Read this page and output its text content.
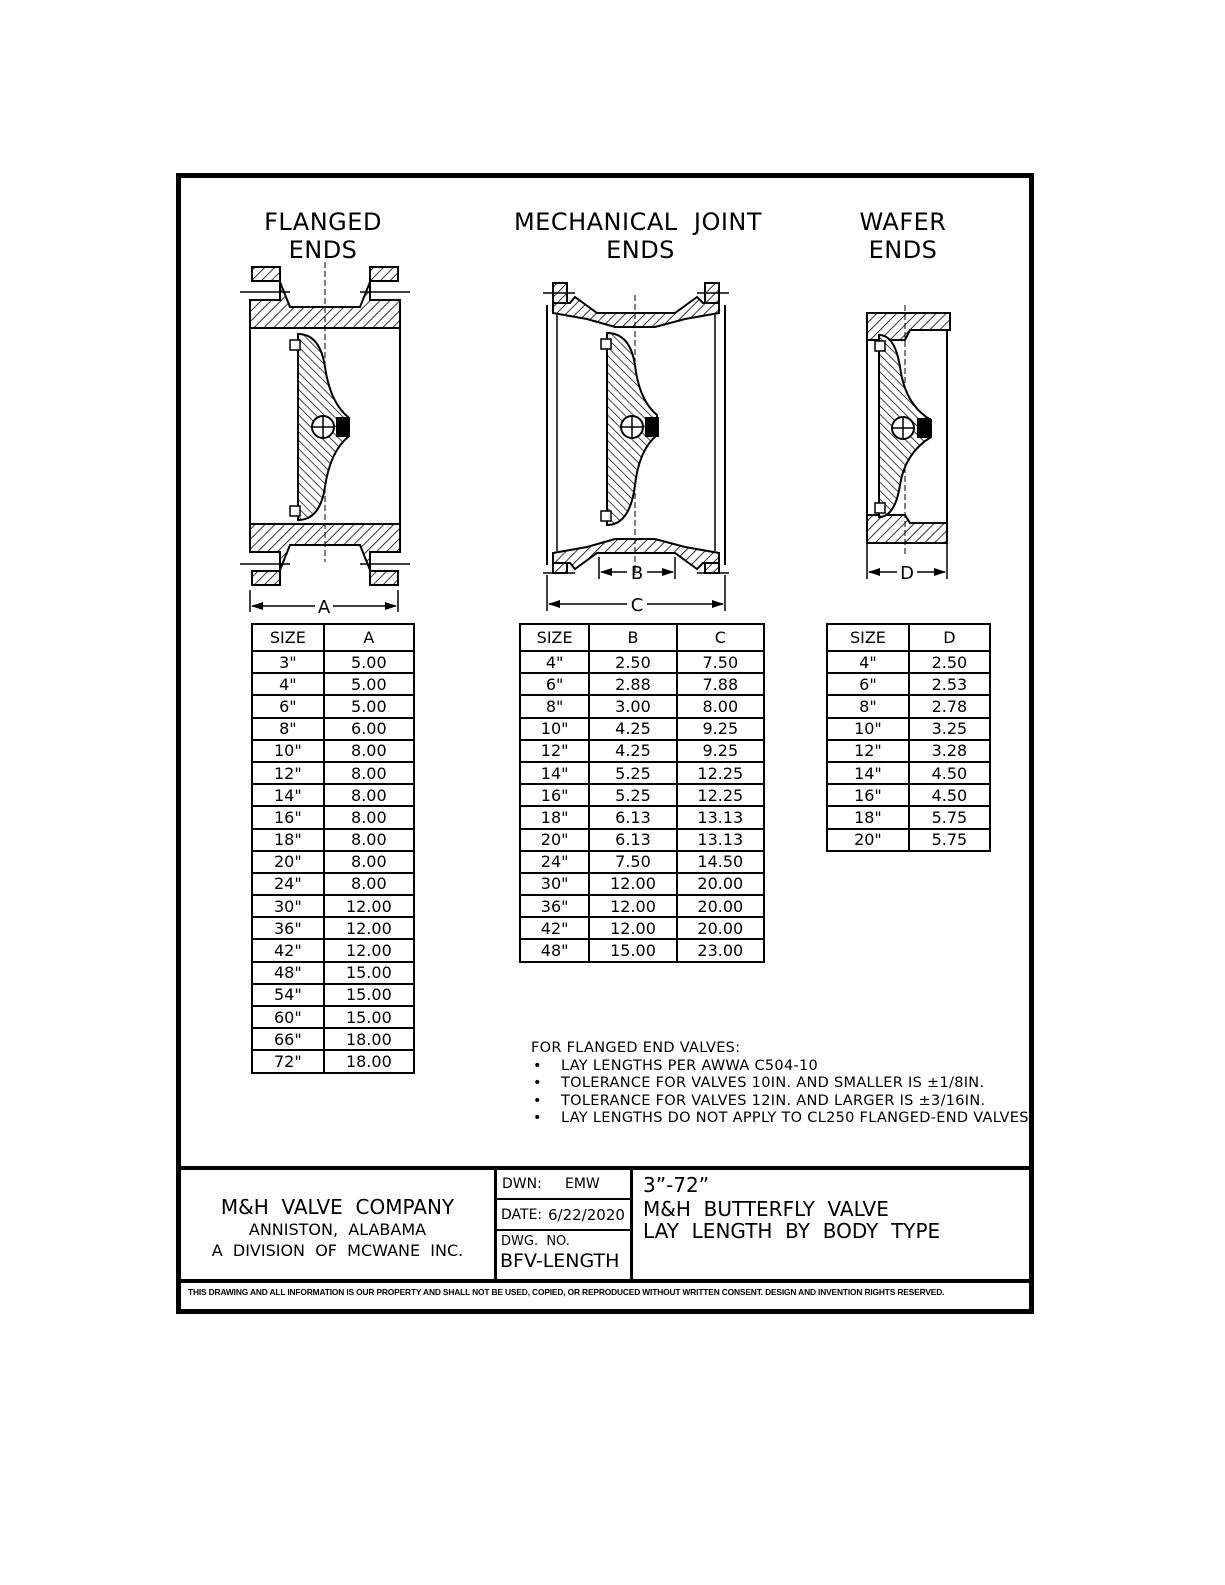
FLANGED
ENDS
MECHANICAL  JOINT
ENDS
WAFER
ENDS
A
B
C
D
SIZE	A
3"	5.00
4"	5.00
6"	5.00
8"	6.00
10"	8.00
12"	8.00
14"	8.00
16"	8.00
18"	8.00
20"	8.00
24"	8.00
30"	12.00
36"	12.00
42"	12.00
48"	15.00
54"	15.00
60"	15.00
66"	18.00
72"	18.00
SIZE	B	C
4"	2.50	7.50
6"	2.88	7.88
8"	3.00	8.00
10"	4.25	9.25
12"	4.25	9.25
14"	5.25	12.25
16"	5.25	12.25
18"	6.13	13.13
20"	6.13	13.13
24"	7.50	14.50
30"	12.00	20.00
36"	12.00	20.00
42"	12.00	20.00
48"	15.00	23.00
SIZE	D
4"	2.50
6"	2.53
8"	2.78
10"	3.25
12"	3.28
14"	4.50
16"	4.50
18"	5.75
20"	5.75
FOR FLANGED END VALVES:
• LAY LENGTHS PER AWWA C504-10
• TOLERANCE FOR VALVES 10IN. AND SMALLER IS ±1/8IN.
• TOLERANCE FOR VALVES 12IN. AND LARGER IS ±3/16IN.
• LAY LENGTHS DO NOT APPLY TO CL250 FLANGED-END VALVES.
M&H  VALVE  COMPANY
ANNISTON,  ALABAMA
A  DIVISION  OF  MCWANE  INC.
DWN: EMW
DATE: 6/22/2020
DWG.  NO.
BFV-LENGTH
3”-72”
M&H  BUTTERFLY  VALVE
LAY  LENGTH  BY  BODY  TYPE
THIS DRAWING AND ALL INFORMATION IS OUR PROPERTY AND SHALL NOT BE USED, COPIED, OR REPRODUCED WITHOUT WRITTEN CONSENT. DESIGN AND INVENTION RIGHTS RESERVED.
